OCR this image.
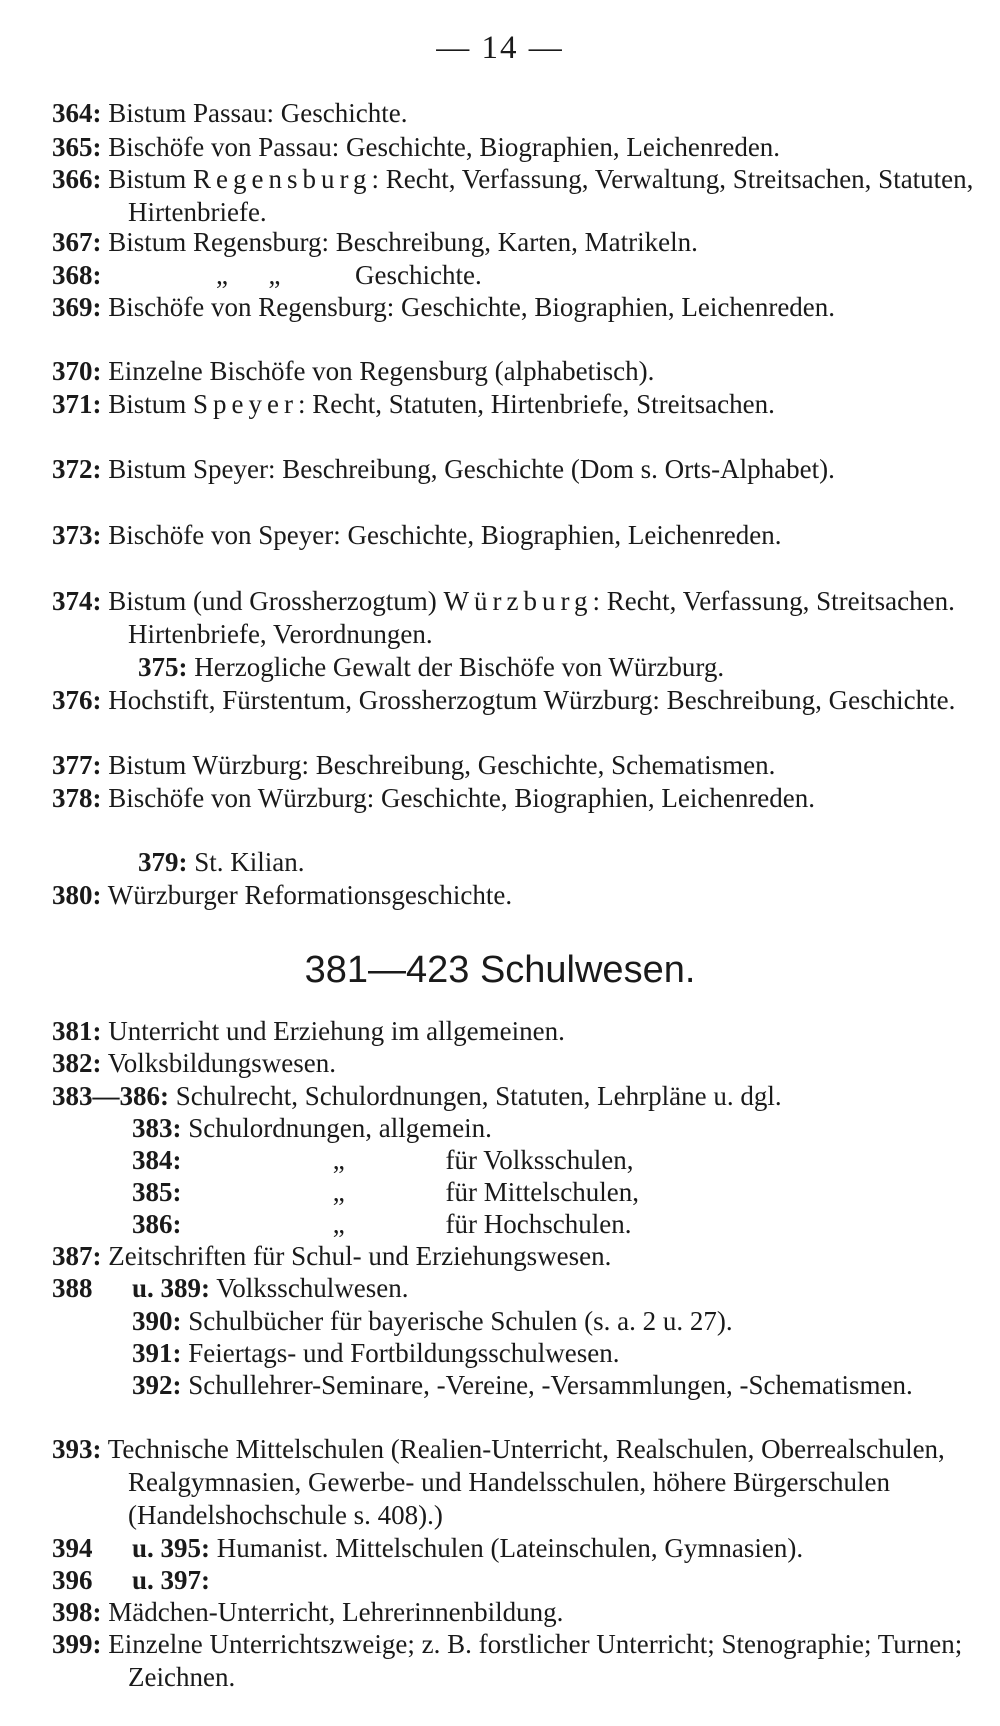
— 14 —
364: Bistum Passau: Geschichte.
365: Bischöfe von Passau: Geschichte, Biographien, Leichenreden.
366: Bistum Regensburg: Recht, Verfassung, Verwaltung, Streitsachen, Statuten, Hirtenbriefe.
367: Bistum Regensburg: Beschreibung, Karten, Matrikeln.
368:	„      „	Geschichte.
369: Bischöfe von Regensburg: Geschichte, Biographien, Leichenreden.
370: Einzelne Bischöfe von Regensburg (alphabetisch).
371: Bistum Speyer: Recht, Statuten, Hirtenbriefe, Streitsachen.
372: Bistum Speyer: Beschreibung, Geschichte (Dom s. Orts-Alphabet).
373: Bischöfe von Speyer: Geschichte, Biographien, Leichenreden.
374: Bistum (und Grossherzogtum) Würzburg: Recht, Verfassung, Streitsachen. Hirtenbriefe, Verordnungen.
375: Herzogliche Gewalt der Bischöfe von Würzburg.
376: Hochstift, Fürstentum, Grossherzogtum Würzburg: Beschreibung, Geschichte.
377: Bistum Würzburg: Beschreibung, Geschichte, Schematismen.
378: Bischöfe von Würzburg: Geschichte, Biographien, Leichenreden.
379: St. Kilian.
380: Würzburger Reformationsgeschichte.
381—423 Schulwesen.
381: Unterricht und Erziehung im allgemeinen.
382: Volksbildungswesen.
383—386: Schulrecht, Schulordnungen, Statuten, Lehrpläne u. dgl.
383: Schulordnungen, allgemein.
384:	„	für Volksschulen,
385:	„	für Mittelschulen,
386:	„	für Hochschulen.
387: Zeitschriften für Schul- und Erziehungswesen.
388 u. 389: Volksschulwesen.
390: Schulbücher für bayerische Schulen (s. a. 2 u. 27).
391: Feiertags- und Fortbildungsschulwesen.
392: Schullehrer-Seminare, -Vereine, -Versammlungen, -Schematismen.
393: Technische Mittelschulen (Realien-Unterricht, Realschulen, Oberrealschulen, Realgymnasien, Gewerbe- und Handelsschulen, höhere Bürgerschulen (Handelshochschule s. 408).)
394 u. 395: Humanist. Mittelschulen (Lateinschulen, Gymnasien).
396 u. 397:
398: Mädchen-Unterricht, Lehrerinnenbildung.
399: Einzelne Unterrichtszweige; z. B. forstlicher Unterricht; Stenographie; Turnen; Zeichnen.
